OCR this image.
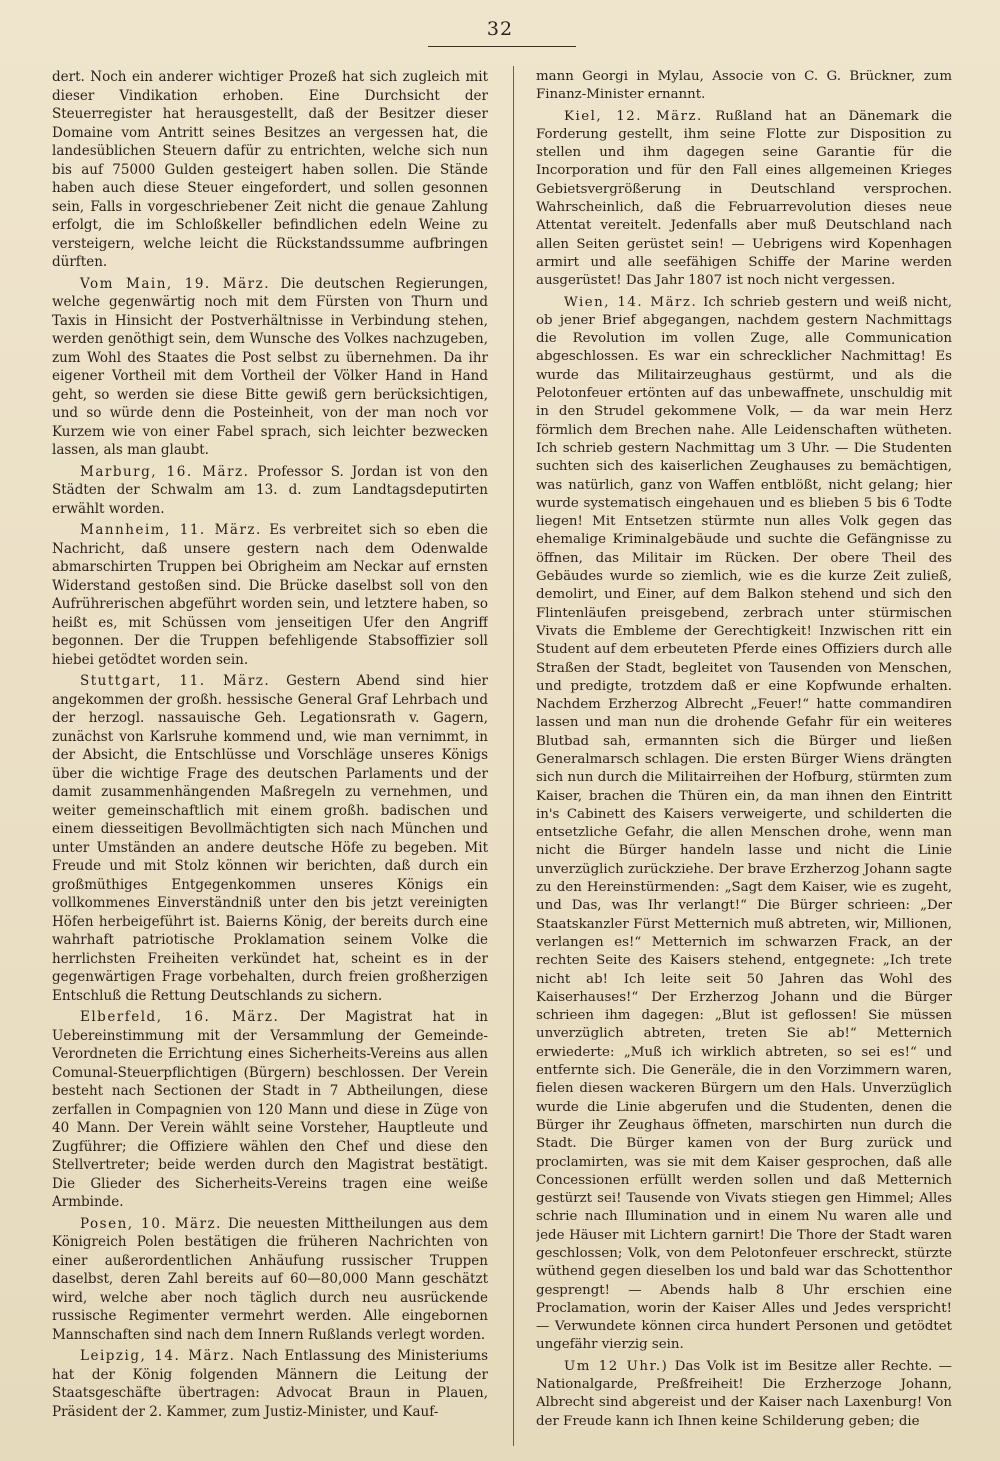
32

dert. Noch ein anderer wichtiger Prozeß hat sich zugleich mit dieser Vindikation erhoben. Eine Durchsicht der Steuerregister hat herausgestellt, daß der Besitzer dieser Domaine vom Antritt seines Besitzes an vergessen hat, die landesüblichen Steuern dafür zu entrichten, welche sich nun bis auf 75000 Gulden gesteigert haben sollen. Die Stände haben auch diese Steuer eingefordert, und sollen gesonnen sein, Falls in vorgeschriebener Zeit nicht die genaue Zahlung erfolgt, die im Schloßkeller befindlichen edeln Weine zu versteigern, welche leicht die Rückstandssumme aufbringen dürften.

Vom Main, 19. März. Die deutschen Regierungen, welche gegenwärtig noch mit dem Fürsten von Thurn und Taxis in Hinsicht der Postverhältnisse in Verbindung stehen, werden genöthigt sein, dem Wunsche des Volkes nachzugeben, zum Wohl des Staates die Post selbst zu übernehmen. Da ihr eigener Vortheil mit dem Vortheil der Völker Hand in Hand geht, so werden sie diese Bitte gewiß gern berücksichtigen, und so würde denn die Posteinheit, von der man noch vor Kurzem wie von einer Fabel sprach, sich leichter bezwecken lassen, als man glaubt.

Marburg, 16. März. Professor S. Jordan ist von den Städten der Schwalm am 13. d. zum Landtagsdeputirten erwählt worden.

Mannheim, 11. März. Es verbreitet sich so eben die Nachricht, daß unsere gestern nach dem Odenwalde abmarschirten Truppen bei Obrigheim am Neckar auf ernsten Widerstand gestoßen sind. Die Brücke daselbst soll von den Aufrührerischen abgeführt worden sein, und letztere haben, so heißt es, mit Schüssen vom jenseitigen Ufer den Angriff begonnen. Der die Truppen befehligende Stabsoffizier soll hiebei getödtet worden sein.

Stuttgart, 11. März. Gestern Abend sind hier angekommen der großh. hessische General Graf Lehrbach und der herzogl. nassauische Geh. Legationsrath v. Gagern, zunächst von Karlsruhe kommend und, wie man vernimmt, in der Absicht, die Entschlüsse und Vorschläge unseres Königs über die wichtige Frage des deutschen Parlaments und der damit zusammenhängenden Maßregeln zu vernehmen, und weiter gemeinschaftlich mit einem großh. badischen und einem diesseitigen Bevollmächtigten sich nach München und unter Umständen an andere deutsche Höfe zu begeben. Mit Freude und mit Stolz können wir berichten, daß durch ein großmüthiges Entgegenkommen unseres Königs ein vollkommenes Einverständniß unter den bis jetzt vereinigten Höfen herbeigeführt ist. Baierns König, der bereits durch eine wahrhaft patriotische Proklamation seinem Volke die herrlichsten Freiheiten verkündet hat, scheint es in der gegenwärtigen Frage vorbehalten, durch freien großherzigen Entschluß die Rettung Deutschlands zu sichern.

Elberfeld, 16. März. Der Magistrat hat in Uebereinstimmung mit der Versammlung der Gemeinde-Verordneten die Errichtung eines Sicherheits-Vereins aus allen Comunal-Steuerpflichtigen (Bürgern) beschlossen. Der Verein besteht nach Sectionen der Stadt in 7 Abtheilungen, diese zerfallen in Compagnien von 120 Mann und diese in Züge von 40 Mann. Der Verein wählt seine Vorsteher, Hauptleute und Zugführer; die Offiziere wählen den Chef und diese den Stellvertreter; beide werden durch den Magistrat bestätigt. Die Glieder des Sicherheits-Vereins tragen eine weiße Armbinde.

Posen, 10. März. Die neuesten Mittheilungen aus dem Königreich Polen bestätigen die früheren Nachrichten von einer außerordentlichen Anhäufung russischer Truppen daselbst, deren Zahl bereits auf 60—80,000 Mann geschätzt wird, welche aber noch täglich durch neu ausrückende russische Regimenter vermehrt werden. Alle eingebornen Mannschaften sind nach dem Innern Rußlands verlegt worden.

Leipzig, 14. März. Nach Entlassung des Ministeriums hat der König folgenden Männern die Leitung der Staatsgeschäfte übertragen: Advocat Braun in Plauen, Präsident der 2. Kammer, zum Justiz-Minister, und Kauf-

mann Georgi in Mylau, Associe von C. G. Brückner, zum Finanz-Minister ernannt.

Kiel, 12. März. Rußland hat an Dänemark die Forderung gestellt, ihm seine Flotte zur Disposition zu stellen und ihm dagegen seine Garantie für die Incorporation und für den Fall eines allgemeinen Krieges Gebietsvergrößerung in Deutschland versprochen. Wahrscheinlich, daß die Februarrevolution dieses neue Attentat vereitelt. Jedenfalls aber muß Deutschland nach allen Seiten gerüstet sein! — Uebrigens wird Kopenhagen armirt und alle seefähigen Schiffe der Marine werden ausgerüstet! Das Jahr 1807 ist noch nicht vergessen.

Wien, 14. März. Ich schrieb gestern und weiß nicht, ob jener Brief abgegangen, nachdem gestern Nachmittags die Revolution im vollen Zuge, alle Communication abgeschlossen. Es war ein schrecklicher Nachmittag! Es wurde das Militairzeughaus gestürmt, und als die Pelotonfeuer ertönten auf das unbewaffnete, unschuldig mit in den Strudel gekommene Volk, — da war mein Herz förmlich dem Brechen nahe. Alle Leidenschaften wütheten. Ich schrieb gestern Nachmittag um 3 Uhr. — Die Studenten suchten sich des kaiserlichen Zeughauses zu bemächtigen, was natürlich, ganz von Waffen entblößt, nicht gelang; hier wurde systematisch eingehauen und es blieben 5 bis 6 Todte liegen! Mit Entsetzen stürmte nun alles Volk gegen das ehemalige Kriminalgebäude und suchte die Gefängnisse zu öffnen, das Militair im Rücken. Der obere Theil des Gebäudes wurde so ziemlich, wie es die kurze Zeit zuließ, demolirt, und Einer, auf dem Balkon stehend und sich den Flintenläufen preisgebend, zerbrach unter stürmischen Vivats die Embleme der Gerechtigkeit! Inzwischen ritt ein Student auf dem erbeuteten Pferde eines Offiziers durch alle Straßen der Stadt, begleitet von Tausenden von Menschen, und predigte, trotzdem daß er eine Kopfwunde erhalten. Nachdem Erzherzog Albrecht „Feuer!“ hatte commandiren lassen und man nun die drohende Gefahr für ein weiteres Blutbad sah, ermannten sich die Bürger und ließen Generalmarsch schlagen. Die ersten Bürger Wiens drängten sich nun durch die Militairreihen der Hofburg, stürmten zum Kaiser, brachen die Thüren ein, da man ihnen den Eintritt in's Cabinett des Kaisers verweigerte, und schilderten die entsetzliche Gefahr, die allen Menschen drohe, wenn man nicht die Bürger handeln lasse und nicht die Linie unverzüglich zurückziehe. Der brave Erzherzog Johann sagte zu den Hereinstürmenden: „Sagt dem Kaiser, wie es zugeht, und Das, was Ihr verlangt!“ Die Bürger schrieen: „Der Staatskanzler Fürst Metternich muß abtreten, wir, Millionen, verlangen es!“ Metternich im schwarzen Frack, an der rechten Seite des Kaisers stehend, entgegnete: „Ich trete nicht ab! Ich leite seit 50 Jahren das Wohl des Kaiserhauses!“ Der Erzherzog Johann und die Bürger schrieen ihm dagegen: „Blut ist geflossen! Sie müssen unverzüglich abtreten, treten Sie ab!“ Metternich erwiederte: „Muß ich wirklich abtreten, so sei es!“ und entfernte sich. Die Generäle, die in den Vorzimmern waren, fielen diesen wackeren Bürgern um den Hals. Unverzüglich wurde die Linie abgerufen und die Studenten, denen die Bürger ihr Zeughaus öffneten, marschirten nun durch die Stadt. Die Bürger kamen von der Burg zurück und proclamirten, was sie mit dem Kaiser gesprochen, daß alle Concessionen erfüllt werden sollen und daß Metternich gestürzt sei! Tausende von Vivats stiegen gen Himmel; Alles schrie nach Illumination und in einem Nu waren alle und jede Häuser mit Lichtern garnirt! Die Thore der Stadt waren geschlossen; Volk, von dem Pelotonfeuer erschreckt, stürzte wüthend gegen dieselben los und bald war das Schottenthor gesprengt! — Abends halb 8 Uhr erschien eine Proclamation, worin der Kaiser Alles und Jedes verspricht! — Verwundete können circa hundert Personen und getödtet ungefähr vierzig sein.

Um 12 Uhr.) Das Volk ist im Besitze aller Rechte. — Nationalgarde, Preßfreiheit! Die Erzherzoge Johann, Albrecht sind abgereist und der Kaiser nach Laxenburg! Von der Freude kann ich Ihnen keine Schilderung geben; die
